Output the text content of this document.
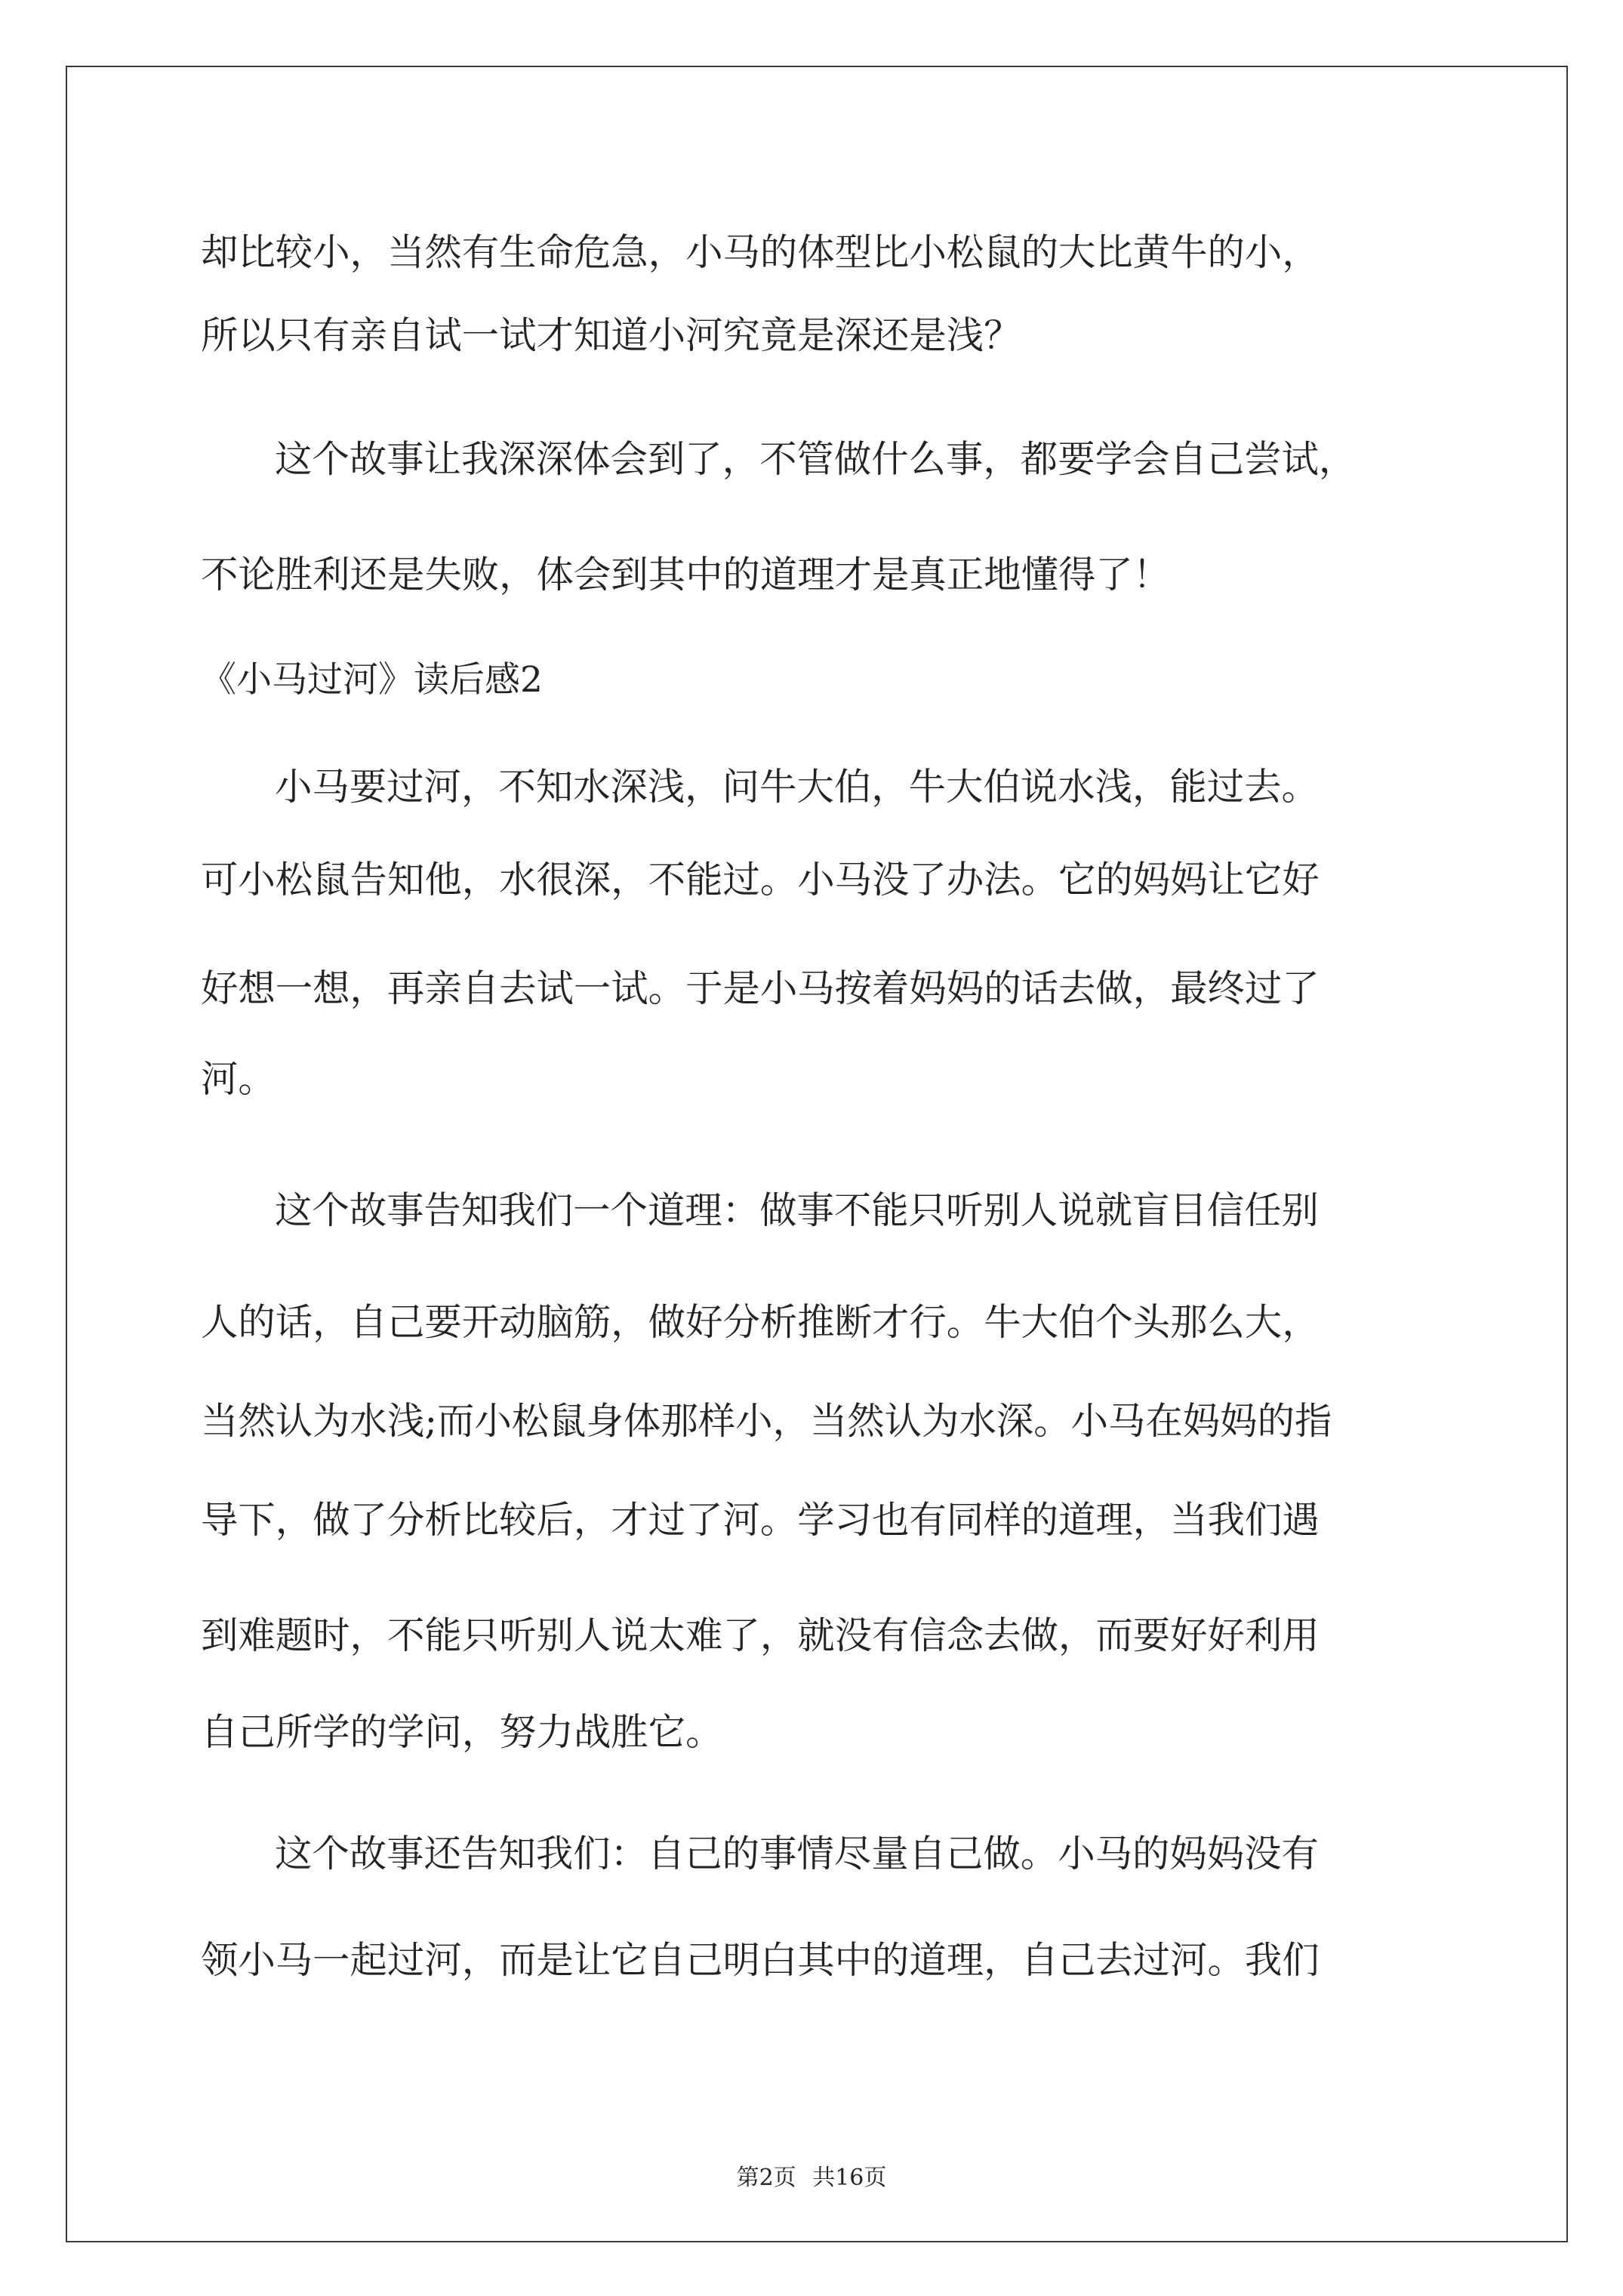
却比较小，当然有生命危急，小马的体型比小松鼠的大比黄牛的小，

所以只有亲自试一试才知道小河究竟是深还是浅？

这个故事让我深深体会到了，不管做什么事，都要学会自己尝试，

不论胜利还是失败，体会到其中的道理才是真正地懂得了！

《小马过河》读后感2

小马要过河，不知水深浅，问牛大伯，牛大伯说水浅，能过去。

可小松鼠告知他，水很深，不能过。小马没了办法。它的妈妈让它好

好想一想，再亲自去试一试。于是小马按着妈妈的话去做，最终过了

河。

这个故事告知我们一个道理：做事不能只听别人说就盲目信任别

人的话，自己要开动脑筋，做好分析推断才行。牛大伯个头那么大，

当然认为水浅;而小松鼠身体那样小，当然认为水深。小马在妈妈的指

导下，做了分析比较后，才过了河。学习也有同样的道理，当我们遇

到难题时，不能只听别人说太难了，就没有信念去做，而要好好利用

自己所学的学问，努力战胜它。

这个故事还告知我们：自己的事情尽量自己做。小马的妈妈没有

领小马一起过河，而是让它自己明白其中的道理，自己去过河。我们

第2页 共16页
